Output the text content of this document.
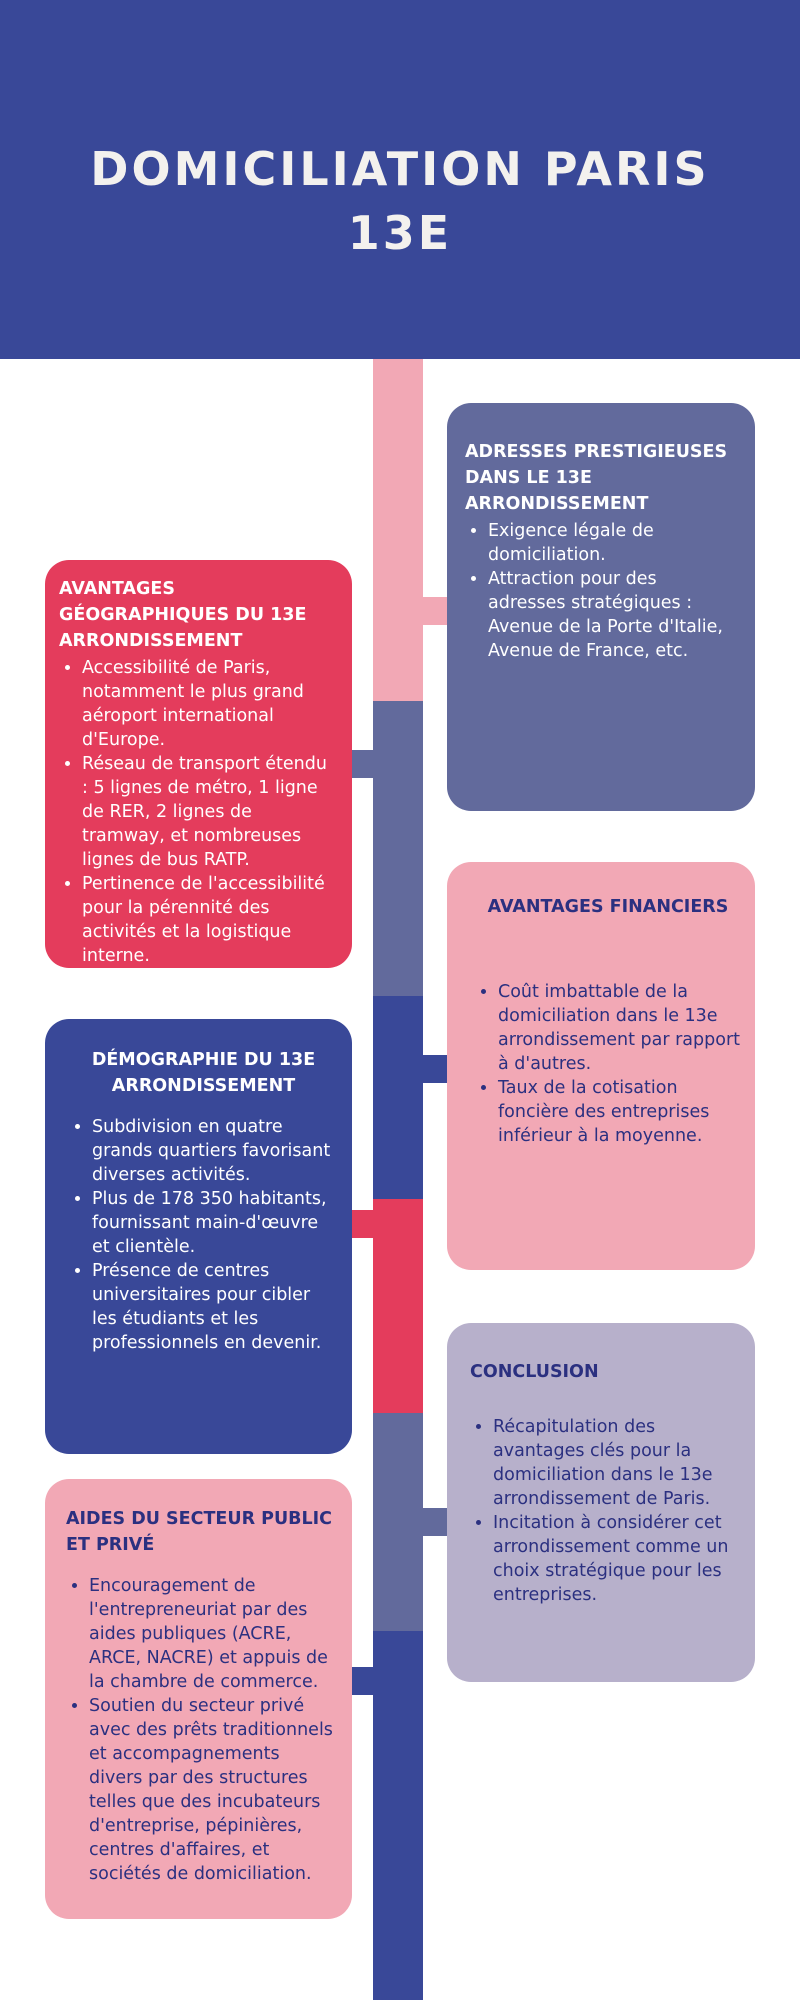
DOMICILIATION PARIS 13E
ADRESSES PRESTIGIEUSES DANS LE 13E ARRONDISSEMENT
• Exigence légale de domiciliation.
• Attraction pour des adresses stratégiques : Avenue de la Porte d'Italie, Avenue de France, etc.
AVANTAGES GÉOGRAPHIQUES DU 13E ARRONDISSEMENT
• Accessibilité de Paris, notamment le plus grand aéroport international d'Europe.
• Réseau de transport étendu : 5 lignes de métro, 1 ligne de RER, 2 lignes de tramway, et nombreuses lignes de bus RATP.
• Pertinence de l'accessibilité pour la pérennité des activités et la logistique interne.
AVANTAGES FINANCIERS
• Coût imbattable de la domiciliation dans le 13e arrondissement par rapport à d'autres.
• Taux de la cotisation foncière des entreprises inférieur à la moyenne.
DÉMOGRAPHIE DU 13E ARRONDISSEMENT
• Subdivision en quatre grands quartiers favorisant diverses activités.
• Plus de 178 350 habitants, fournissant main-d'œuvre et clientèle.
• Présence de centres universitaires pour cibler les étudiants et les professionnels en devenir.
CONCLUSION
• Récapitulation des avantages clés pour la domiciliation dans le 13e arrondissement de Paris.
• Incitation à considérer cet arrondissement comme un choix stratégique pour les entreprises.
AIDES DU SECTEUR PUBLIC ET PRIVÉ
• Encouragement de l'entrepreneuriat par des aides publiques (ACRE, ARCE, NACRE) et appuis de la chambre de commerce.
• Soutien du secteur privé avec des prêts traditionnels et accompagnements divers par des structures telles que des incubateurs d'entreprise, pépinières, centres d'affaires, et sociétés de domiciliation.
